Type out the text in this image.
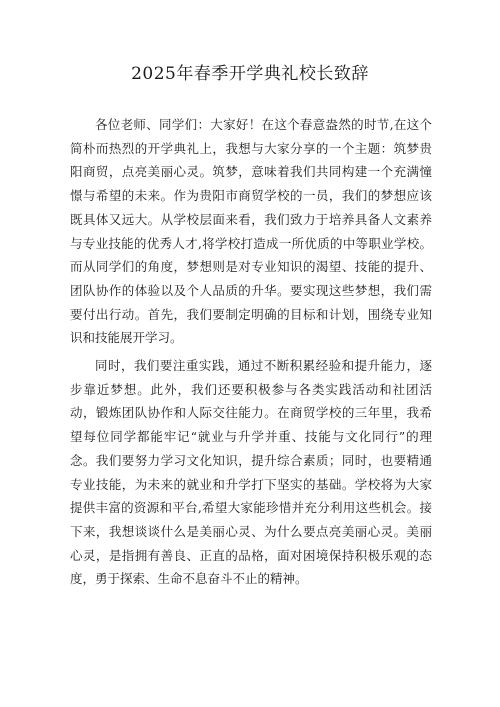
2025年春季开学典礼校长致辞

各位老师、同学们：大家好！在这个春意盎然的时节,在这个简朴而热烈的开学典礼上，我想与大家分享的一个主题：筑梦贵阳商贸，点亮美丽心灵。筑梦，意味着我们共同构建一个充满憧憬与希望的未来。作为贵阳市商贸学校的一员，我们的梦想应该既具体又远大。从学校层面来看，我们致力于培养具备人文素养与专业技能的优秀人才,将学校打造成一所优质的中等职业学校。而从同学们的角度，梦想则是对专业知识的渴望、技能的提升、团队协作的体验以及个人品质的升华。要实现这些梦想，我们需要付出行动。首先，我们要制定明确的目标和计划，围绕专业知识和技能展开学习。

同时，我们要注重实践，通过不断积累经验和提升能力，逐步靠近梦想。此外，我们还要积极参与各类实践活动和社团活动，锻炼团队协作和人际交往能力。在商贸学校的三年里，我希望每位同学都能牢记“就业与升学并重、技能与文化同行”的理念。我们要努力学习文化知识，提升综合素质；同时，也要精通专业技能，为未来的就业和升学打下坚实的基础。学校将为大家提供丰富的资源和平台,希望大家能珍惜并充分利用这些机会。接下来，我想谈谈什么是美丽心灵、为什么要点亮美丽心灵。美丽心灵，是指拥有善良、正直的品格，面对困境保持积极乐观的态度，勇于探索、生命不息奋斗不止的精神。
